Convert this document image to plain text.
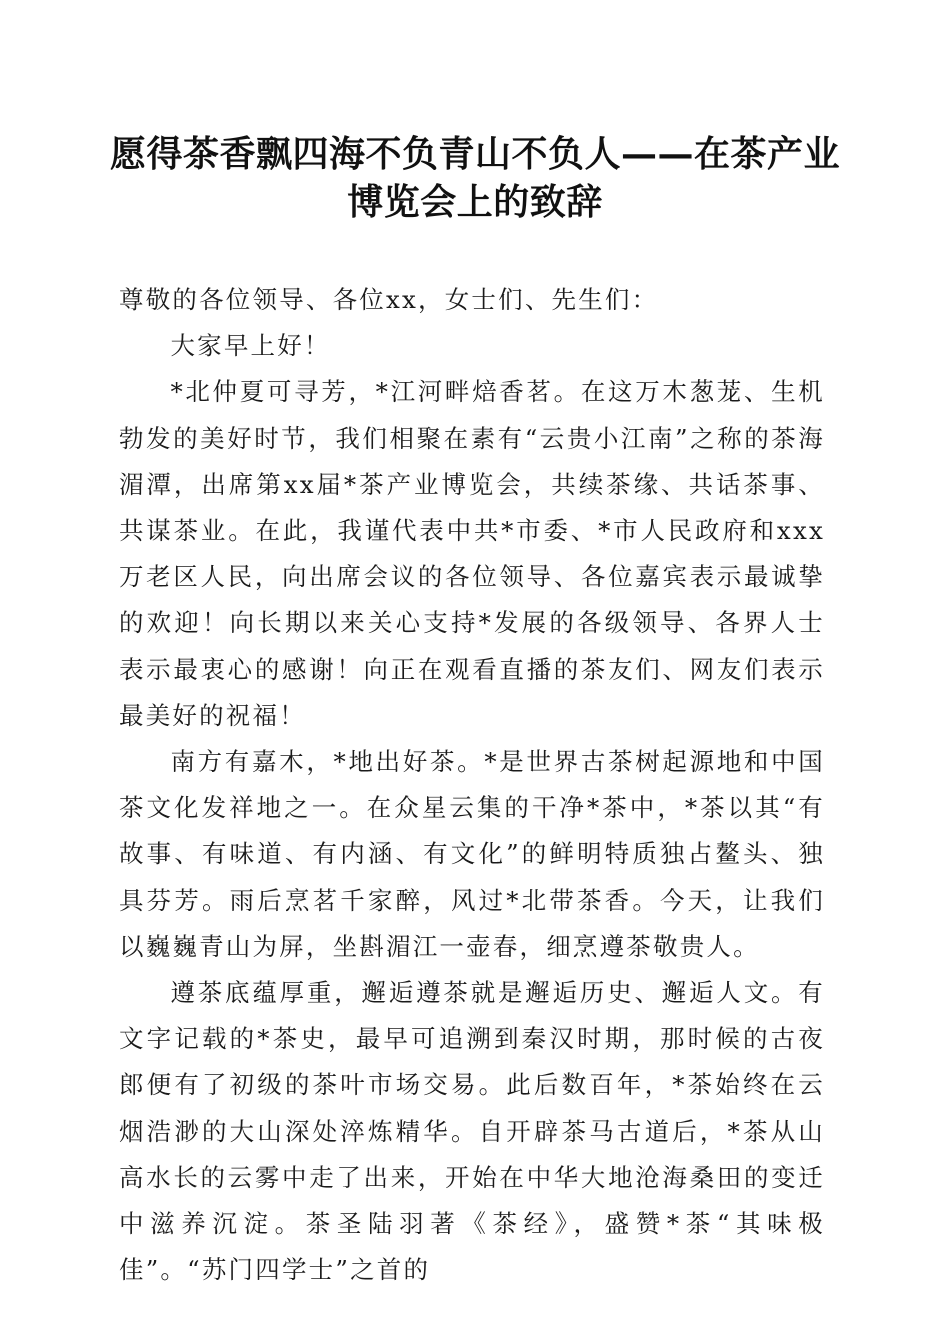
愿得茶香飘四海不负青山不负人——在茶产业博览会上的致辞

尊敬的各位领导、各位xx，女士们、先生们：

大家早上好！

*北仲夏可寻芳，*江河畔焙香茗。在这万木葱茏、生机勃发的美好时节，我们相聚在素有“云贵小江南”之称的茶海湄潭，出席第xx届*茶产业博览会，共续茶缘、共话茶事、共谋茶业。在此，我谨代表中共*市委、*市人民政府和xxx万老区人民，向出席会议的各位领导、各位嘉宾表示最诚挚的欢迎！向长期以来关心支持*发展的各级领导、各界人士表示最衷心的感谢！向正在观看直播的茶友们、网友们表示最美好的祝福！

南方有嘉木，*地出好茶。*是世界古茶树起源地和中国茶文化发祥地之一。在众星云集的干净*茶中，*茶以其“有故事、有味道、有内涵、有文化”的鲜明特质独占鳌头、独具芬芳。雨后烹茗千家醉，风过*北带茶香。今天，让我们以巍巍青山为屏，坐斟湄江一壶春，细烹遵茶敬贵人。

遵茶底蕴厚重，邂逅遵茶就是邂逅历史、邂逅人文。有文字记载的*茶史，最早可追溯到秦汉时期，那时候的古夜郎便有了初级的茶叶市场交易。此后数百年，*茶始终在云烟浩渺的大山深处淬炼精华。自开辟茶马古道后，*茶从山高水长的云雾中走了出来，开始在中华大地沧海桑田的变迁中滋养沉淀。茶圣陆羽著《茶经》，盛赞*茶“其味极佳”。“苏门四学士”之首的
